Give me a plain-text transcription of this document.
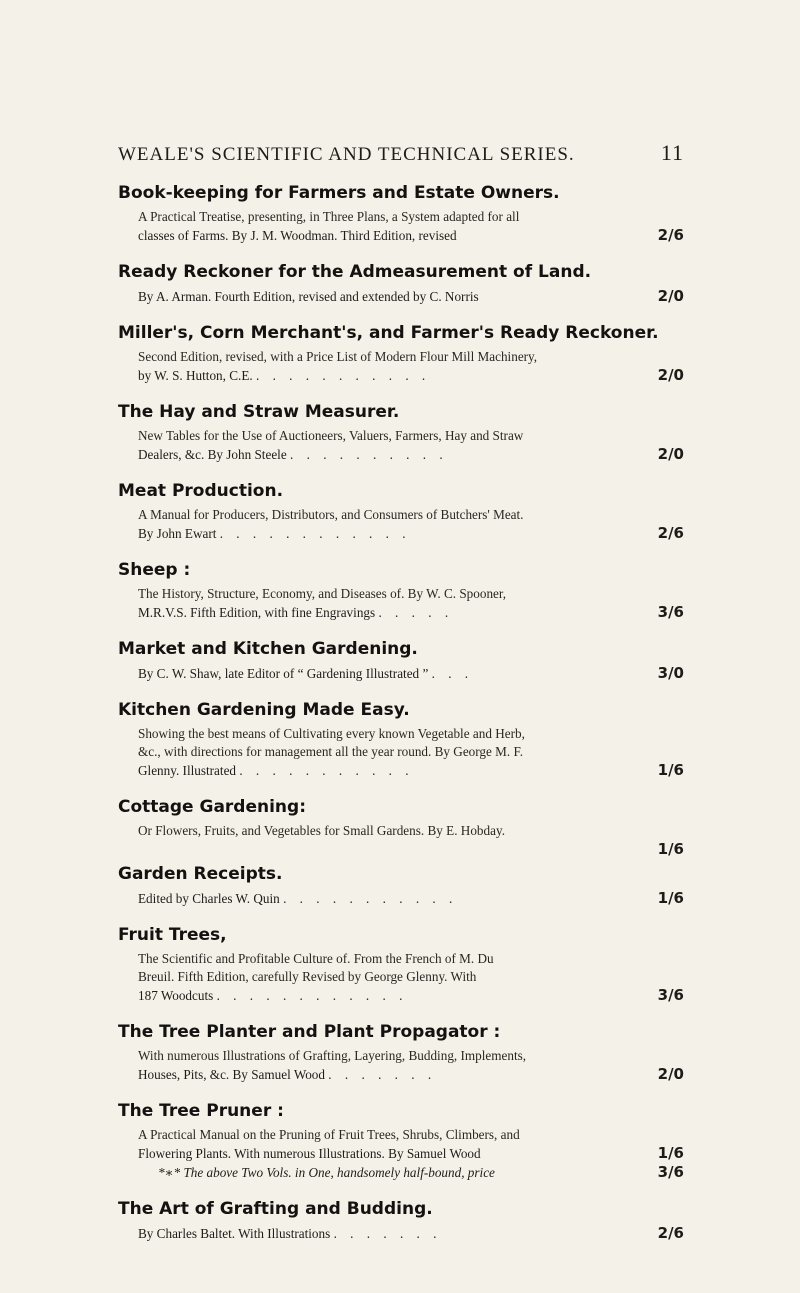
WEALE'S SCIENTIFIC AND TECHNICAL SERIES.	11
Book-keeping for Farmers and Estate Owners.

A Practical Treatise, presenting, in Three Plans, a System adapted for all

classes of Farms. By J. M. Woodman. Third Edition, revised	2/6
Ready Reckoner for the Admeasurement of Land.
By A. Arman. Fourth Edition, revised and extended by C. Norris	2/0
Miller's, Corn Merchant's, and Farmer's Ready Reckoner.

Second Edition, revised, with a Price List of Modern Flour Mill Machinery,

by W. S. Hutton, C.E. . . . . . . . . . . .	2/0
The Hay and Straw Measurer.

New Tables for the Use of Auctioneers, Valuers, Farmers, Hay and Straw

Dealers, &c. By John Steele . . . . . . . . . .	2/0
Meat Production.

A Manual for Producers, Distributors, and Consumers of Butchers' Meat.

By John Ewart . . . . . . . . . . . .	2/6
Sheep :

The History, Structure, Economy, and Diseases of. By W. C. Spooner,

M.R.V.S. Fifth Edition, with fine Engravings . . . . .	3/6
Market and Kitchen Gardening.
By C. W. Shaw, late Editor of “ Gardening Illustrated ” . . .	3/0
Kitchen Gardening Made Easy.

Showing the best means of Cultivating every known Vegetable and Herb,
&c., with directions for management all the year round. By George M. F.

Glenny. Illustrated . . . . . . . . . . .	1/6
Cottage Gardening:

Or Flowers, Fruits, and Vegetables for Small Gardens. By E. Hobday.

1/6
Garden Receipts.
Edited by Charles W. Quin . . . . . . . . . . .	1/6
Fruit Trees,

The Scientific and Profitable Culture of. From the French of M. Du
Breuil. Fifth Edition, carefully Revised by George Glenny. With

187 Woodcuts . . . . . . . . . . . .	3/6
The Tree Planter and Plant Propagator :

With numerous Illustrations of Grafting, Layering, Budding, Implements,

Houses, Pits, &c. By Samuel Wood . . . . . . .	2/0
The Tree Pruner :

A Practical Manual on the Pruning of Fruit Trees, Shrubs, Climbers, and

Flowering Plants. With numerous Illustrations. By Samuel Wood	1/6
*∗* The above Two Vols. in One, handsomely half-bound, price	3/6
The Art of Grafting and Budding.
By Charles Baltet. With Illustrations . . . . . . .	2/6
